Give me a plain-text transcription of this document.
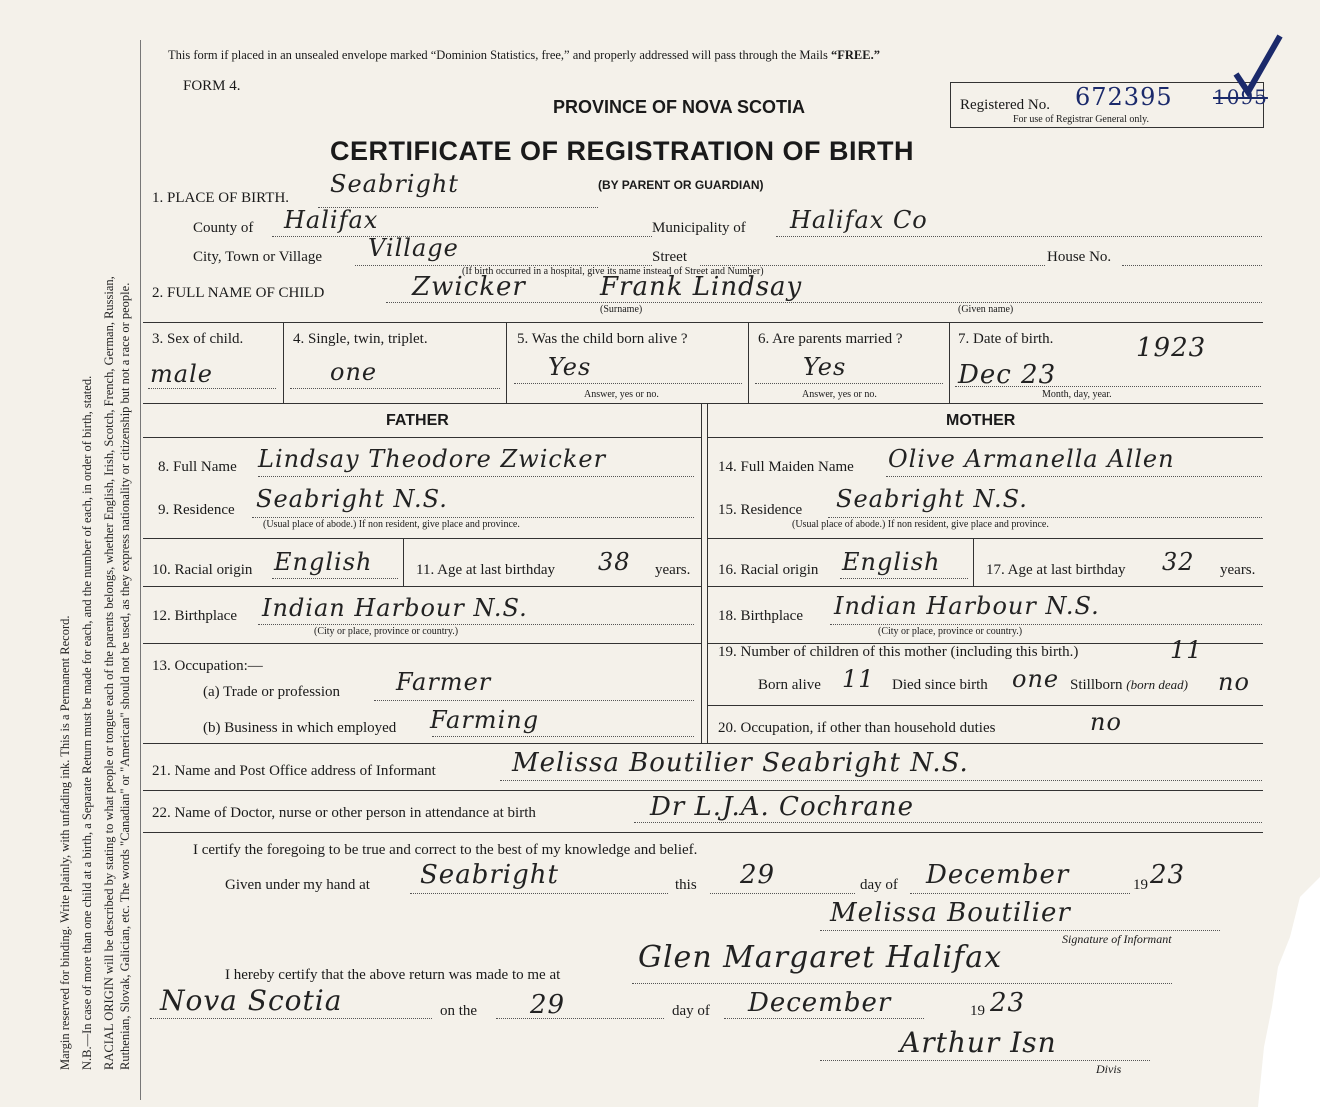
Margin reserved for binding. Write plainly, with unfading ink. This is a Permanent Record. N.B.—In case of more than one child at a birth, a Separate Return must be made for each, and the number of each, in order of birth, stated. RACIAL ORIGIN will be described by stating to what people or tongue each of the parents belongs, whether English, Irish, Scotch, French, German, Russian, Ruthenian, Slovak, Galician, etc. The words "Canadian" or "American" should not be used, as they express nationality or citizenship but not a race or people.
This form if placed in an unsealed envelope marked “Dominion Statistics, free,” and properly addressed will pass through the Mails “FREE.”
FORM 4.
PROVINCE OF NOVA SCOTIA	Registered No. 672395 1095
For use of Registrar General only.
CERTIFICATE OF REGISTRATION OF BIRTH
(BY PARENT OR GUARDIAN)
1. PLACE OF BIRTH. Seabright
County of Halifax	Municipality of Halifax Co
City, Town or Village Village	Street	House No.
(If birth occurred in a hospital, give its name instead of Street and Number)
2. FULL NAME OF CHILD	Zwicker	Frank Lindsay
(Surname)	(Given name)
3. Sex of child.
male
4. Single, twin, triplet.
one
5. Was the child born alive ?
Yes
Answer, yes or no.
6. Are parents married ?
Yes
Answer, yes or no.
7. Date of birth.	1923
Dec 23
Month, day, year.
FATHER	MOTHER
8. Full Name Lindsay Theodore Zwicker
9. Residence Seabright N.S.
(Usual place of abode.) If non resident, give place and province.
10. Racial origin English	11. Age at last birthday 38 years.
12. Birthplace Indian Harbour N.S.
(City or place, province or country.)
13. Occupation:—
(a) Trade or profession Farmer
(b) Business in which employed Farming
14. Full Maiden Name Olive Armanella Allen
15. Residence Seabright N.S.
(Usual place of abode.) If non resident, give place and province.
16. Racial origin English	17. Age at last birthday 32 years.
18. Birthplace Indian Harbour N.S.
(City or place, province or country.)
19. Number of children of this mother (including this birth.)	11
Born alive 11 Died since birth one Stillborn (born dead) no
20. Occupation, if other than household duties	no
21. Name and Post Office address of Informant	Melissa Boutilier Seabright N.S.
22. Name of Doctor, nurse or other person in attendance at birth	Dr L.J.A. Cochrane
I certify the foregoing to be true and correct to the best of my knowledge and belief.
Given under my hand at Seabright	this 29	day of December	19 23
Melissa Boutilier
Signature of Informant
I hereby certify that the above return was made to me at	Glen Margaret Halifax
Nova Scotia	on the 29	day of December	19 23
Arthur Isn
Divis
